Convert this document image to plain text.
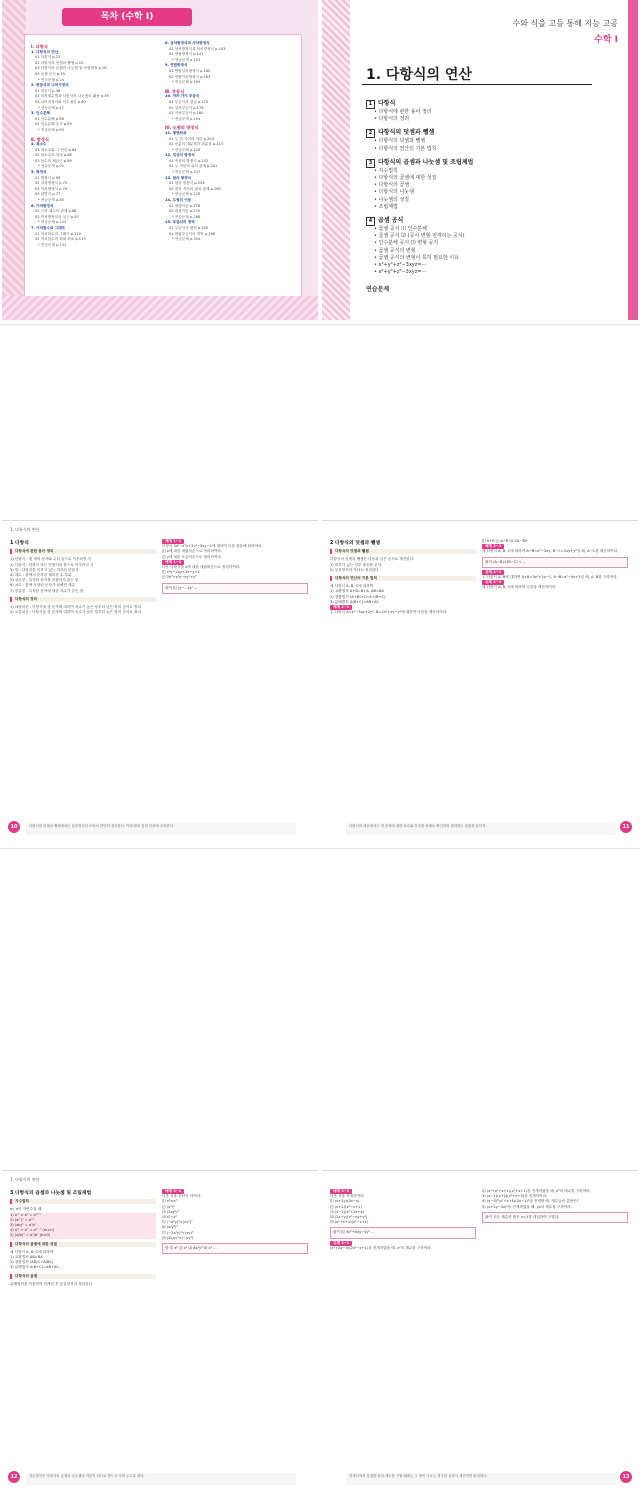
목차 (수학 Ⅰ)
Ⅰ. 다항식
1. 다항식의 연산
01 다항식 p.13
02 다항식의 덧셈과 뺄셈 p.15
03 다항식의 곱셈과 나눗셈 및 조립제법 p.18
04 곱셈 공식 p.19
* 연습문제 p.24
2. 항등식과 나머지정리
01 항등식 p.38
02 미정계수법과 다항식의 나눗셈의 활용 p.39
03 나머지정리와 인수정리 p.40
* 연습문제 p.47
3. 인수분해
01 인수분해 p.58
02 인수분해 공식 p.59
* 연습문제 p.63
Ⅱ. 방정식
4. 복소수
01 복소수와 그 연산 p.84
02 복소수의 성질 p.88
03 음수의 제곱근 p.89
* 연습문제 p.92
5. 방정식
01 방정식 p.99
02 일차방정식 p.70
03 이차방정식 p.74
04 판별식 p.77
* 연습문제 p.80
6. 이차방정식
01 근과 계수의 관계 p.88
02 이차방정식의 실근 p.97
* 연습문제 p.105
7. 이차함수와 그래프
01 이차함수의 그래프 p.110
02 이차함수의 최대 최소 p.119
* 연습문제 p.131
8. 삼차방정식과 사차방정식
01 삼차방정식과 사차방정식 p.143
02 연립방정식 p.147
* 연습문제 p.153
9. 연립방정식
01 연립일차방정식 p.160
02 연립이차방정식 p.163
* 연습문제 p.169
Ⅲ. 부등식
10. 여러 가지 부등식
01 부등식의 성질 p.173
02 일차부등식 p.176
03 이차부등식 p.180
* 연습문제 p.194
Ⅳ. 도형의 방정식
11. 평면좌표
01 두 점 사이의 거리 p.204
02 선분의 내분점과 외분점 p.215
* 연습문제 p.226
12. 직선의 방정식
01 직선의 방정식 p.232
02 두 직선의 위치 관계 p.241
* 연습문제 p.247
13. 원의 방정식
01 원의 방정식 p.254
02 원과 직선의 위치 관계 p.265
* 연습문제 p.276
14. 도형의 이동
01 평행이동 p.278
02 대칭이동 p.279
* 연습문제 p.288
15. 부등식의 영역
01 부등식의 영역 p.292
02 연립부등식의 영역 p.296
* 연습문제 p.304
수와 식을 고등 통해 지능 고공
수학 Ⅰ
1. 다항식의 연산
1 다항식
• 다항식에 관한 용어 정리
• 다항식의 정리
2 다항식의 덧셈과 뺄셈
• 다항식의 덧셈과 뺄셈
• 다항식의 연산의 기본 법칙
3 다항식의 곱셈과 나눗셈 및 조립제법
• 지수법칙
• 다항식의 곱셈에 대한 성질
• 다항식의 곱셈
• 다항식의 나눗셈
• 나눗셈의 성질
• 조립제법
4 곱셈 공식
• 곱셈 공식 ⑴ 인수분해
• 곱셈 공식 ⑵ (공식 변형 전개하는 공식)
• 인수분해 공식 ⑶ 변형 공식
• 곱셈 공식의 변형
• 곱셈 공식의 변형이 특히 필요한 이유
• x³+y³+z³−3xyz=⋯
• x³+y³+z³−3xyz=⋯
연습문제
1. 다항식의 연산
1 다항식
다항식에 관한 용어 정리
1) 단항식 : 몇 개의 문자와 수의 곱으로 이루어진 식
2) 다항식 : 단항식 또는 단항식의 합으로 이루어진 식
3) 항 : 다항식을 이루고 있는 각각의 단항식
4) 계수 : 항에서 문자를 제외한 수 부분
5) 상수항 : 특정한 문자를 포함하지 않는 항
6) 차수 : 항에 포함된 문자가 곱해진 개수
7) 동류항 : 특정한 문자에 대한 차수가 같은 항
다항식의 정리
1) 내림차순 : 다항식을 한 문자에 대하여 차수가 높은 항부터 낮은 항의 순서로 정리
2) 오름차순 : 다항식을 한 문자에 대하여 차수가 낮은 항부터 높은 항의 순서로 정리
예제 1−1
다항식 3x²−x²y+2y³−5xy−2에 대하여 다음 물음에 답하여라.
⑴ x에 대한 내림차순으로 정리하여라.
⑵ y에 대한 오름차순으로 정리하여라.
예제 1−2
다음 다항식을 x에 대한 내림차순으로 정리하여라.
⑴ x²y−2xy+3x−y+1
⑵ 2x³+x²y−xy²+y³
풀이 ⑴ (y−...)x² ...
다항식의 덧셈과 뺄셈에서는 동류항끼리 모아서 간단히 정리한다. 이때 괄호 앞의 부호에 주의한다.
10
2 다항식의 덧셈과 뺄셈
다항식의 덧셈과 뺄셈
다항식의 덧셈과 뺄셈은 다음과 같은 순서로 계산한다.
1) 괄호가 있는 경우 괄호를 푼다.
2) 동류항끼리 모아서 정리한다.
다항식의 연산의 기본 법칙
세 다항식 A, B, C에 대하여
1) 교환법칙 A+B=B+A, AB=BA
2) 결합법칙 (A+B)+C=A+(B+C)
3) 분배법칙 A(B+C)=AB+AC
예제 2−1
두 다항식 A=x²−3xy+2y², B=2x²+xy−y²에 대하여 다음을 계산하여라.
⑴ A+B ⑵ A−B ⑶ 2A−3B
예제 2−2
세 다항식 A, B, C에 대하여 A−B=x²−3xy, B−C=2xy+y²일 때, A−C를 계산하여라.
풀이 (A−B)+(B−C) = ...
유제 2−1
두 다항식 A, B에 대하여 A+B=3x²+2x−1, A−B=x²−4x+3일 때, A, B를 구하여라.
유제 2−2
세 다항식 A, B, C에 대하여 다음을 계산하여라.
다항식의 계산에서는 각 문자에 대한 차수와 부호를 차례로 확인하며 정리하는 습관을 들이자.	11
1. 다항식의 연산
3 다항식의 곱셈과 나눗셈 및 조립제법
지수법칙
m, n이 자연수일 때
1) aᵐ × aⁿ = aᵐ⁺ⁿ
2) (aᵐ)ⁿ = aᵐⁿ
3) (ab)ⁿ = aⁿbⁿ
4) aᵐ ÷ aⁿ = aᵐ⁻ⁿ (m>n)
5) (a/b)ⁿ = aⁿ/bⁿ (b≠0)
다항식의 곱셈에 대한 성질
세 다항식 A, B, C에 대하여
1) 교환법칙 AB=BA
2) 결합법칙 (AB)C=A(BC)
3) 분배법칙 A(B+C)=AB+AC
다항식의 곱셈
분배법칙을 이용하여 전개한 후 동류항끼리 정리한다.
예제 3−1
다음 식을 간단히 하여라.
⑴ x²×x³
⑵ (x³)²
⑶ (2xy²)³
⑷ x⁵÷x²
⑸ (−x²y)³×(xy²)²
⑹ (x/y²)³
⑺ (−2x²y)²÷(xy)³
⑻ (2x/y)²×(−xy³)
답 ⑴ x⁵ ⑵ x⁶ ⑶ 8x³y⁶ ⑷ x³ ...
지수법칙은 다항식의 곱셈과 나눗셈의 기본이 되므로 반드시 익혀 두도록 한다.
12
예제 3−2
다음 식을 전개하여라.
⑴ (x+2y)(3x−y)
⑵ (x+1)(x²−x+1)
⑶ (x−2)(x²+2x+4)
⑷ (2x−y)(x²−xy+y²)
⑸ (x²+x+1)(x²−x+1)
풀이 ⑴ 3x²+5xy−2y² ...
유제 3−1
(x²+2x−3)(2x²−x+1)을 전개하였을 때, x²의 계수를 구하여라.
2) (x³+x²+x+1)(x²+x+1)을 전개하였을 때, x³의 계수를 구하여라.
3) (x−1)(x+2)(x²+x+3)을 전개하여라.
4) (x−3)³(x²+x+1)(2x−1)²을 전개할 때, 계수들의 총합은?
5) (x+2y−3z)²을 전개하였을 때, yz의 계수를 구하여라.
풀이 모든 계수의 합은 x=1을 대입하여 구한다.
전개식에서 특정한 항의 계수를 구할 때에는 그 항이 나오는 경우만 골라서 계산하면 편리하다.	13
